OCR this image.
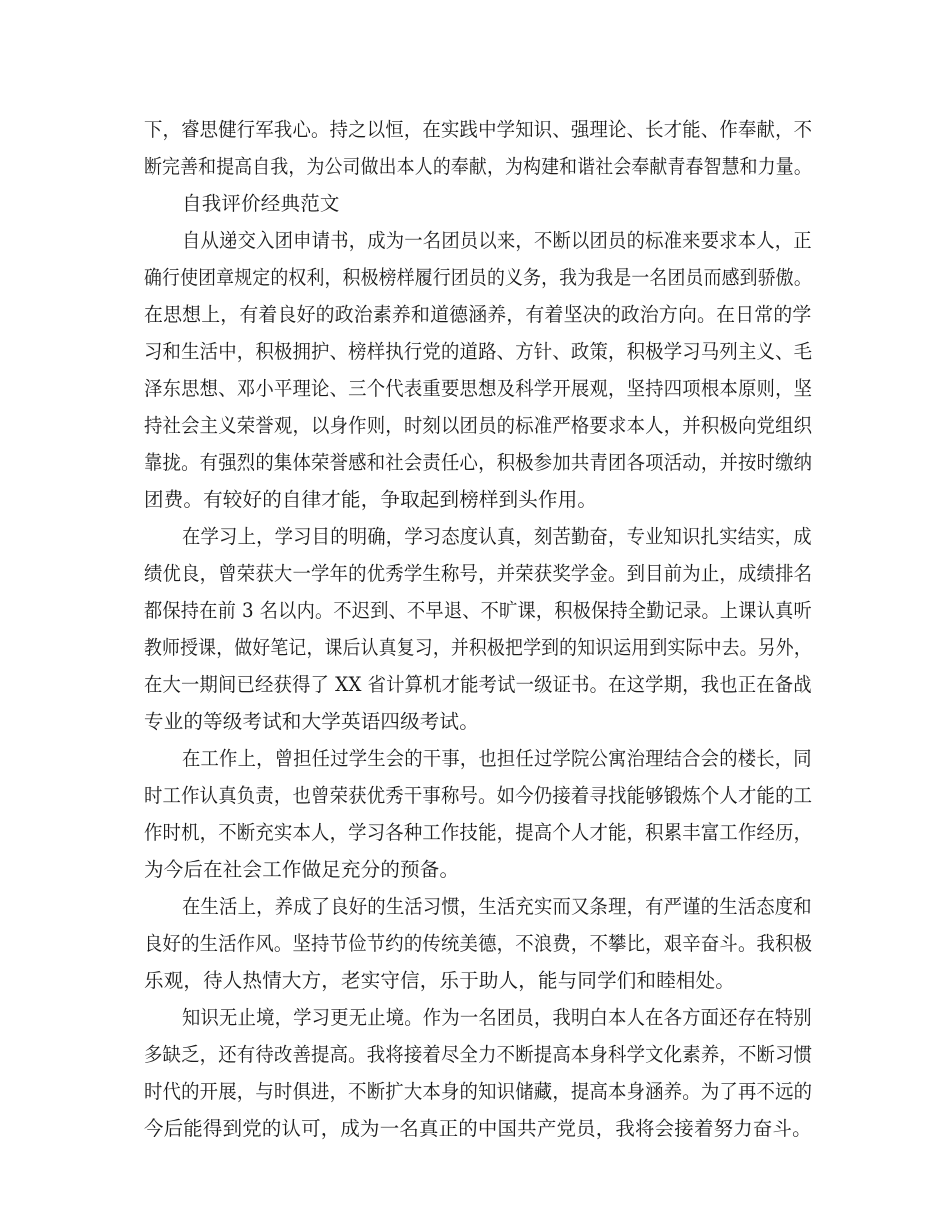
下，睿思健行军我心。持之以恒，在实践中学知识、强理论、长才能、作奉献，不
断完善和提高自我，为公司做出本人的奉献，为构建和谐社会奉献青春智慧和力量。
自我评价经典范文
自从递交入团申请书，成为一名团员以来，不断以团员的标准来要求本人，正
确行使团章规定的权利，积极榜样履行团员的义务，我为我是一名团员而感到骄傲。
在思想上，有着良好的政治素养和道德涵养，有着坚决的政治方向。在日常的学
习和生活中，积极拥护、榜样执行党的道路、方针、政策，积极学习马列主义、毛
泽东思想、邓小平理论、三个代表重要思想及科学开展观，坚持四项根本原则，坚
持社会主义荣誉观，以身作则，时刻以团员的标准严格要求本人，并积极向党组织
靠拢。有强烈的集体荣誉感和社会责任心，积极参加共青团各项活动，并按时缴纳
团费。有较好的自律才能，争取起到榜样到头作用。
在学习上，学习目的明确，学习态度认真，刻苦勤奋，专业知识扎实结实，成
绩优良，曾荣获大一学年的优秀学生称号，并荣获奖学金。到目前为止，成绩排名
都保持在前 3 名以内。不迟到、不早退、不旷课，积极保持全勤记录。上课认真听
教师授课，做好笔记，课后认真复习，并积极把学到的知识运用到实际中去。另外，
在大一期间已经获得了 XX 省计算机才能考试一级证书。在这学期，我也正在备战
专业的等级考试和大学英语四级考试。
在工作上，曾担任过学生会的干事，也担任过学院公寓治理结合会的楼长，同
时工作认真负责，也曾荣获优秀干事称号。如今仍接着寻找能够锻炼个人才能的工
作时机，不断充实本人，学习各种工作技能，提高个人才能，积累丰富工作经历，
为今后在社会工作做足充分的预备。
在生活上，养成了良好的生活习惯，生活充实而又条理，有严谨的生活态度和
良好的生活作风。坚持节俭节约的传统美德，不浪费，不攀比，艰辛奋斗。我积极
乐观，待人热情大方，老实守信，乐于助人，能与同学们和睦相处。
知识无止境，学习更无止境。作为一名团员，我明白本人在各方面还存在特别
多缺乏，还有待改善提高。我将接着尽全力不断提高本身科学文化素养，不断习惯
时代的开展，与时俱进，不断扩大本身的知识储藏，提高本身涵养。为了再不远的
今后能得到党的认可，成为一名真正的中国共产党员，我将会接着努力奋斗。
